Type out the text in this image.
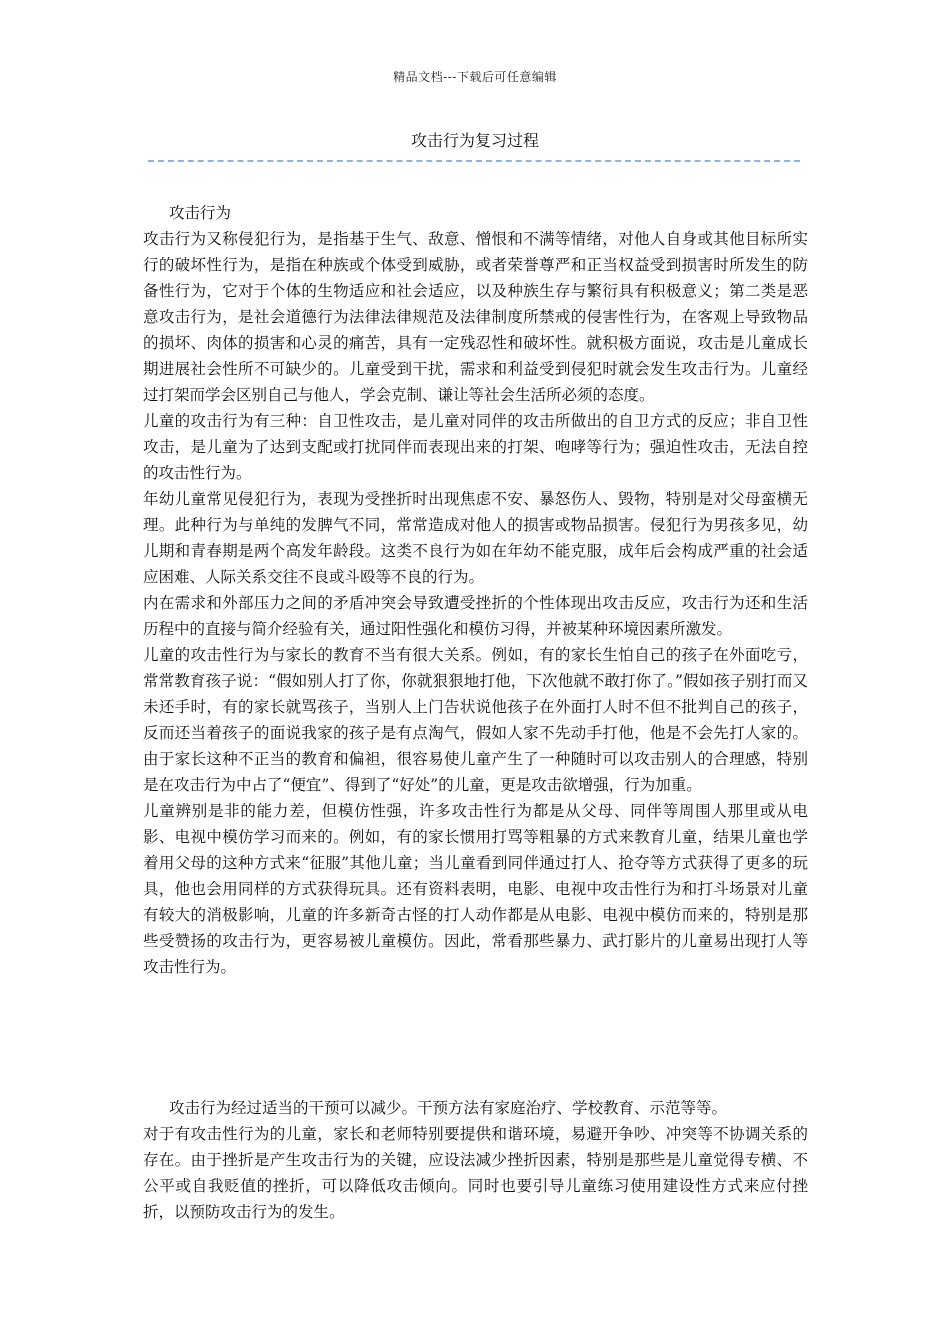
精品文档---下载后可任意编辑
攻击行为复习过程

攻击行为

攻击行为又称侵犯行为，是指基于生气、敌意、憎恨和不满等情绪，对他人自身或其他目标所实行的破坏性行为，是指在种族或个体受到威胁，或者荣誉尊严和正当权益受到损害时所发生的防备性行为，它对于个体的生物适应和社会适应，以及种族生存与繁衍具有积极意义；第二类是恶意攻击行为，是社会道德行为法律法律规范及法律制度所禁戒的侵害性行为，在客观上导致物品的损坏、肉体的损害和心灵的痛苦，具有一定残忍性和破坏性。就积极方面说，攻击是儿童成长期进展社会性所不可缺少的。儿童受到干扰，需求和利益受到侵犯时就会发生攻击行为。儿童经过打架而学会区别自己与他人，学会克制、谦让等社会生活所必须的态度。

儿童的攻击行为有三种：自卫性攻击，是儿童对同伴的攻击所做出的自卫方式的反应；非自卫性攻击，是儿童为了达到支配或打扰同伴而表现出来的打架、咆哮等行为；强迫性攻击，无法自控的攻击性行为。

年幼儿童常见侵犯行为，表现为受挫折时出现焦虑不安、暴怒伤人、毁物，特别是对父母蛮横无理。此种行为与单纯的发脾气不同，常常造成对他人的损害或物品损害。侵犯行为男孩多见，幼儿期和青春期是两个高发年龄段。这类不良行为如在年幼不能克服，成年后会构成严重的社会适应困难、人际关系交往不良或斗殴等不良的行为。

内在需求和外部压力之间的矛盾冲突会导致遭受挫折的个性体现出攻击反应，攻击行为还和生活历程中的直接与简介经验有关，通过阳性强化和模仿习得，并被某种环境因素所激发。

儿童的攻击性行为与家长的教育不当有很大关系。例如，有的家长生怕自己的孩子在外面吃亏，常常教育孩子说：“假如别人打了你，你就狠狠地打他，下次他就不敢打你了。”假如孩子别打而又未还手时，有的家长就骂孩子，当别人上门告状说他孩子在外面打人时不但不批判自己的孩子，反而还当着孩子的面说我家的孩子是有点淘气，假如人家不先动手打他，他是不会先打人家的。由于家长这种不正当的教育和偏袒，很容易使儿童产生了一种随时可以攻击别人的合理感，特别是在攻击行为中占了“便宜”、得到了“好处”的儿童，更是攻击欲增强，行为加重。

儿童辨别是非的能力差，但模仿性强，许多攻击性行为都是从父母、同伴等周围人那里或从电影、电视中模仿学习而来的。例如，有的家长惯用打骂等粗暴的方式来教育儿童，结果儿童也学着用父母的这种方式来“征服”其他儿童；当儿童看到同伴通过打人、抢夺等方式获得了更多的玩具，他也会用同样的方式获得玩具。还有资料表明，电影、电视中攻击性行为和打斗场景对儿童有较大的消极影响，儿童的许多新奇古怪的打人动作都是从电影、电视中模仿而来的，特别是那些受赞扬的攻击行为，更容易被儿童模仿。因此，常看那些暴力、武打影片的儿童易出现打人等攻击性行为。

攻击行为经过适当的干预可以减少。干预方法有家庭治疗、学校教育、示范等等。

对于有攻击性行为的儿童，家长和老师特别要提供和谐环境，易避开争吵、冲突等不协调关系的存在。由于挫折是产生攻击行为的关键，应设法减少挫折因素，特别是那些是儿童觉得专横、不公平或自我贬值的挫折，可以降低攻击倾向。同时也要引导儿童练习使用建设性方式来应付挫折，以预防攻击行为的发生。
